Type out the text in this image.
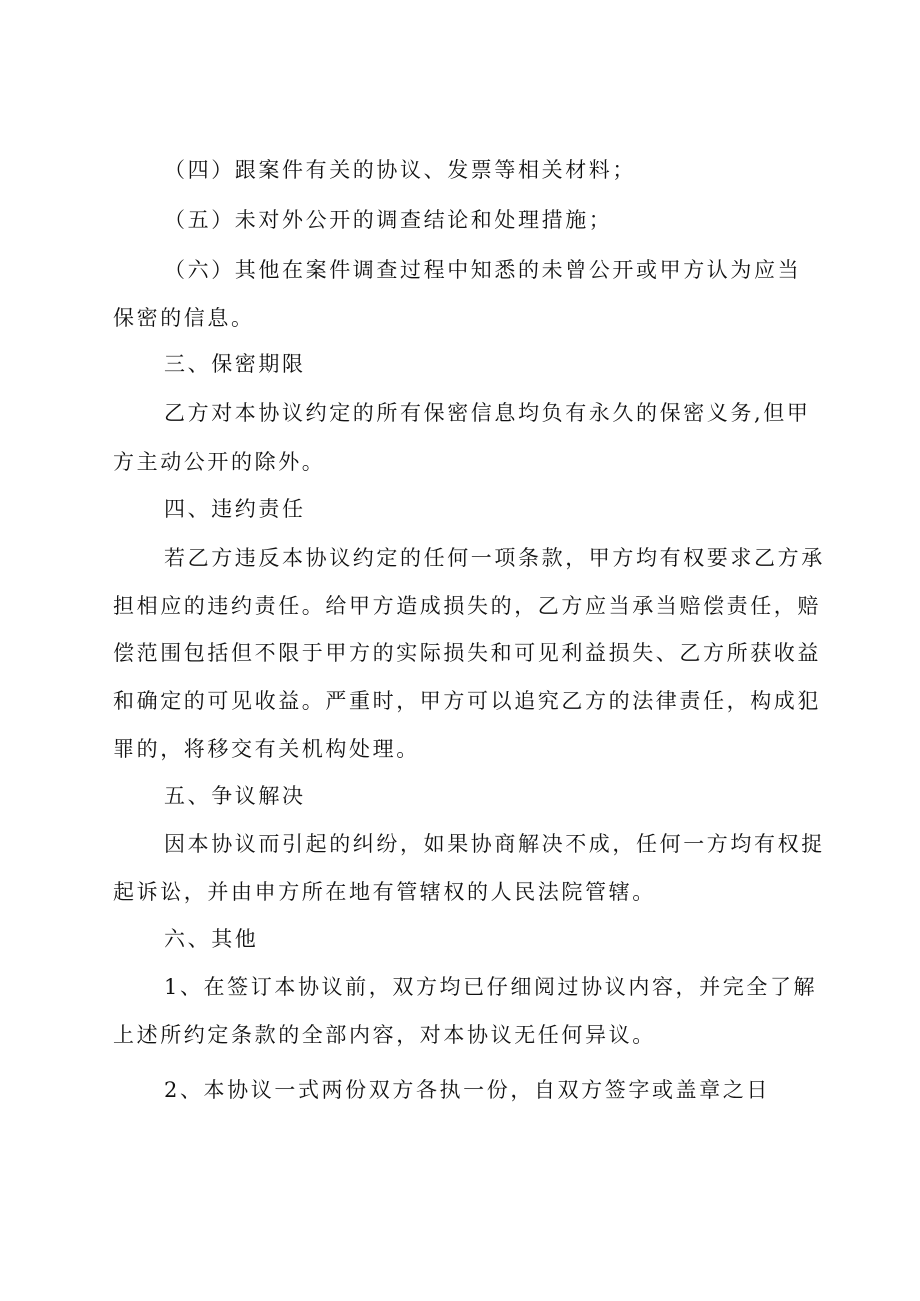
（四）跟案件有关的协议、发票等相关材料；
（五）未对外公开的调查结论和处理措施；
（六）其他在案件调查过程中知悉的未曾公开或甲方认为应当
保密的信息。
三、保密期限
乙方对本协议约定的所有保密信息均负有永久的保密义务,但甲
方主动公开的除外。
四、违约责任
若乙方违反本协议约定的任何一项条款，甲方均有权要求乙方承
担相应的违约责任。给甲方造成损失的，乙方应当承当赔偿责任，赔
偿范围包括但不限于甲方的实际损失和可见利益损失、乙方所获收益
和确定的可见收益。严重时，甲方可以追究乙方的法律责任，构成犯
罪的，将移交有关机构处理。
五、争议解决
因本协议而引起的纠纷，如果协商解决不成，任何一方均有权捉
起诉讼，并由申方所在地有管辖权的人民法院管辖。
六、其他
1、在签订本协议前，双方均已仔细阅过协议内容，并完全了解
上述所约定条款的全部内容，对本协议无任何异议。
2、本协议一式两份双方各执一份，自双方签字或盖章之日
